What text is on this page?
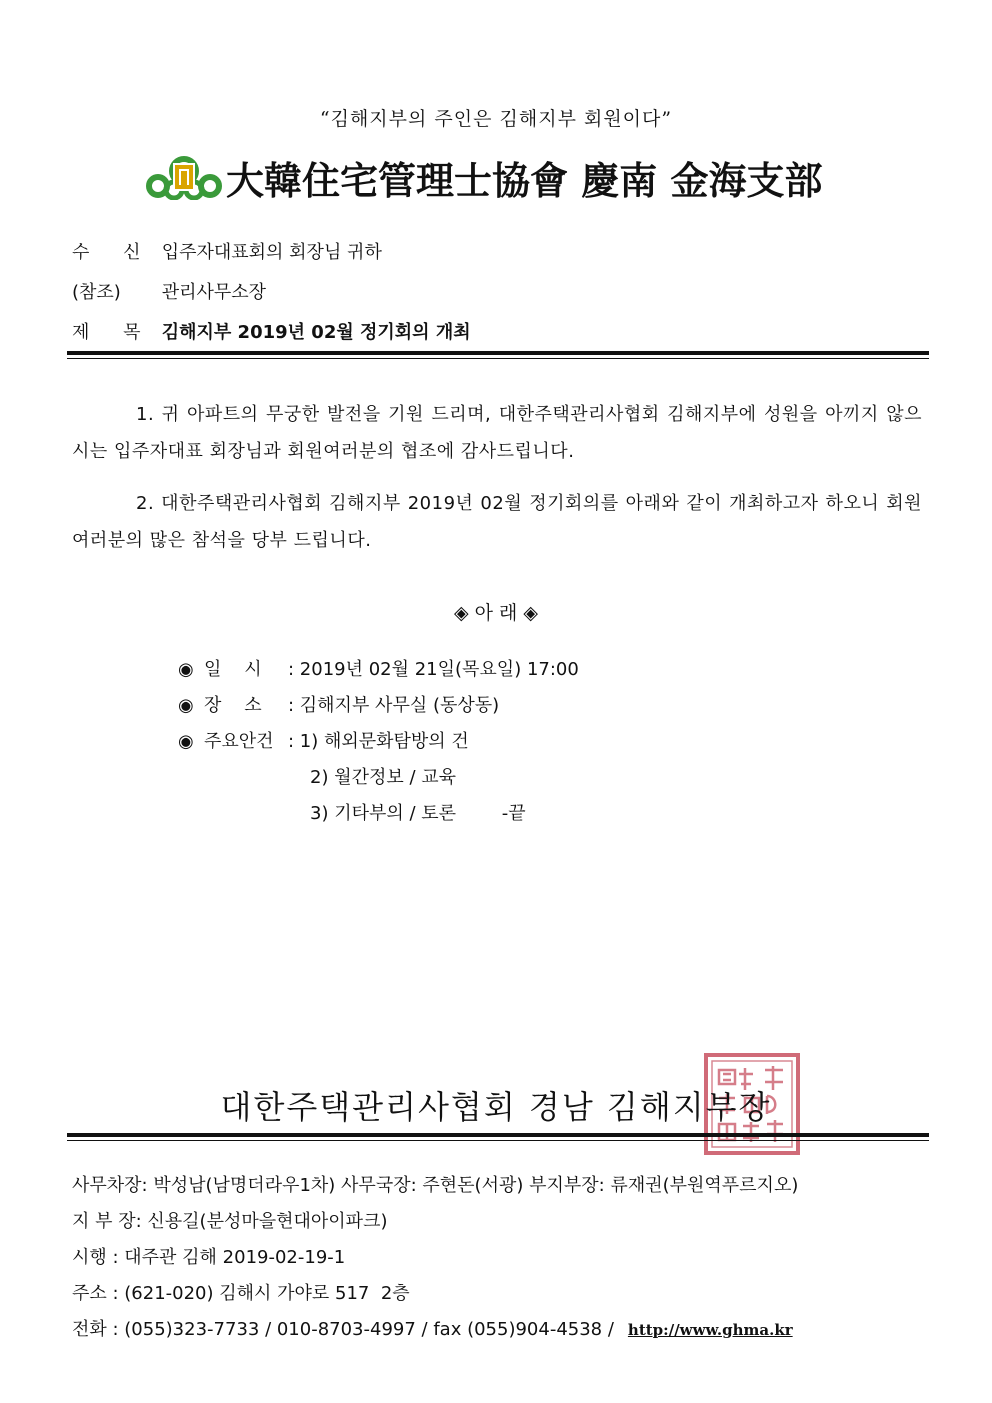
“김해지부의 주인은 김해지부 회원이다”
大韓住宅管理士協會 慶南 金海支部
수 신 입주자대표회의 회장님 귀하
(참조) 관리사무소장
제 목 김해지부 2019년 02월 정기회의 개최
1. 귀 아파트의 무궁한 발전을 기원 드리며, 대한주택관리사협회 김해지부에 성원을 아끼지 않으시는 입주자대표 회장님과 회원여러분의 협조에 감사드립니다.
2. 대한주택관리사협회 김해지부 2019년 02월 정기회의를 아래와 같이 개최하고자 하오니 회원여러분의 많은 참석을 당부 드립니다.
◈ 아 래 ◈
◉ 일    시 : 2019년 02월 21일(목요일) 17:00
◉ 장    소 : 김해지부 사무실 (동상동)
◉ 주요안건 : 1) 해외문화탐방의 건
2) 월간정보 / 교육
3) 기타부의 / 토론        -끝
대한주택관리사협회 경남 김해지부장
사무차장: 박성남(남명더라우1차) 사무국장: 주현돈(서광) 부지부장: 류재권(부원역푸르지오)
지 부 장: 신용길(분성마을현대아이파크)
시행 : 대주관 김해 2019-02-19-1
주소 : (621-020) 김해시 가야로 517  2층
전화 : (055)323-7733 / 010-8703-4997 / fax (055)904-4538 / http://www.ghma.kr
